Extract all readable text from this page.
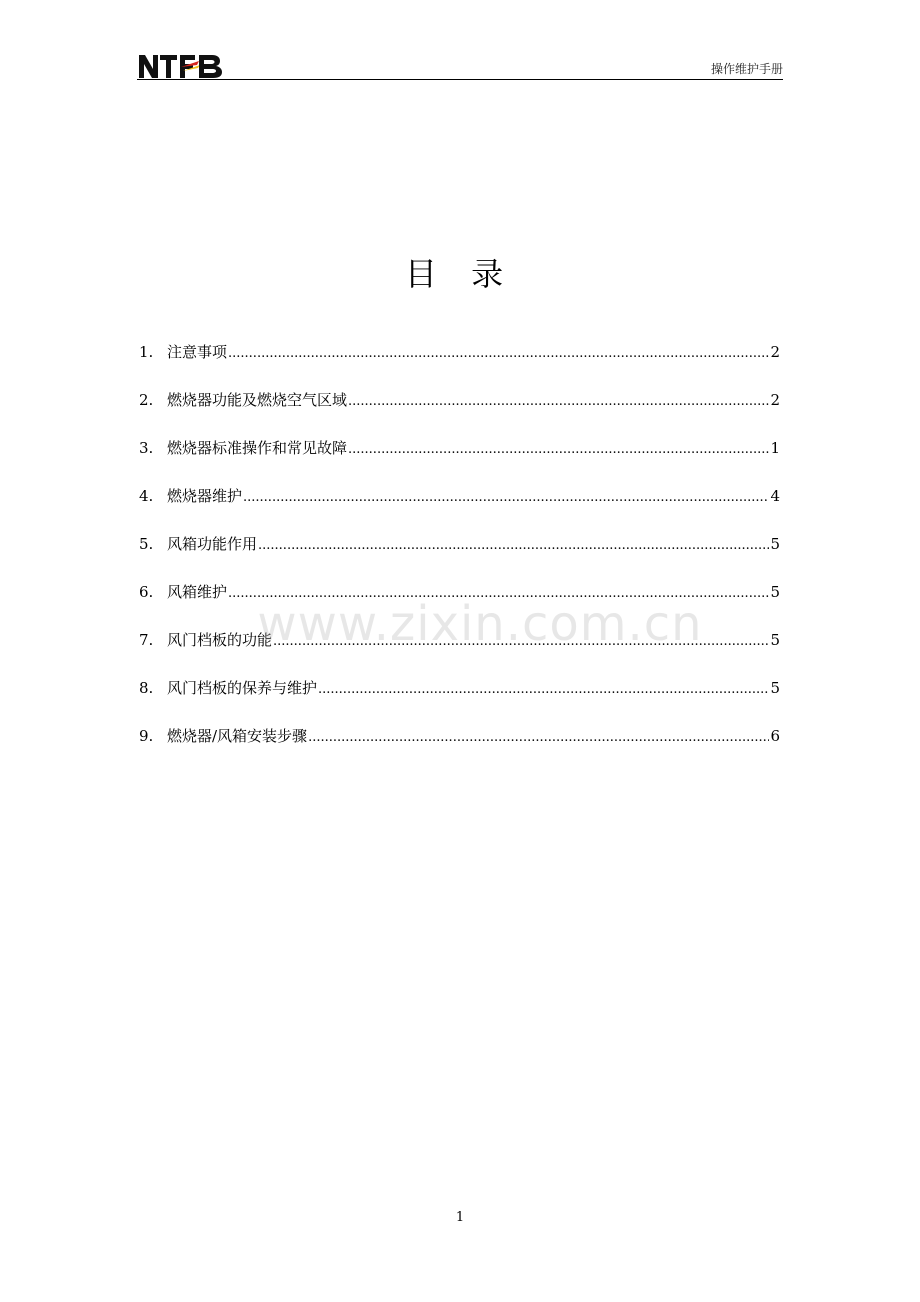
操作维护手册
目 录
1. 注意事项 .....	2
2. 燃烧器功能及燃烧空气区域 .....	2
3. 燃烧器标准操作和常见故障 .....	1
4. 燃烧器维护 .....	4
5. 风箱功能作用 .....	5
6. 风箱维护 .....	5
7. 风门档板的功能 .....	5
8. 风门档板的保养与维护 .....	5
9. 燃烧器/风箱安装步骤 .....	6
www.zixin.com.cn
1
